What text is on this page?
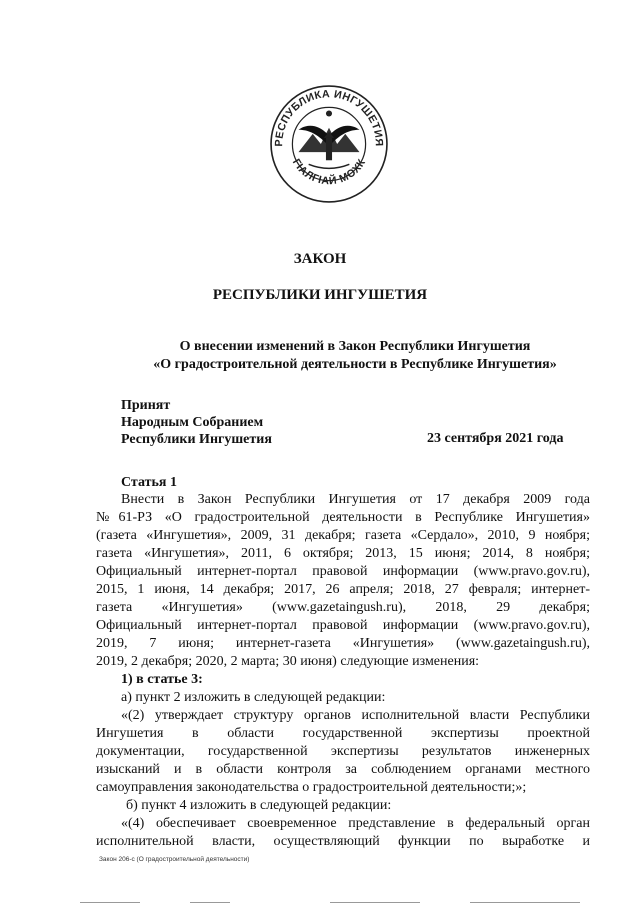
РЕСПУБЛИКА ИНГУШЕТИЯ
ГIАЛГIАЙ МОХК

ЗАКОН

РЕСПУБЛИКИ ИНГУШЕТИЯ

О внесении изменений в Закон Республики Ингушетия

«О градостроительной деятельности в Республике Ингушетия»

Принят

Народным Собранием

Республики Ингушетия	23 сентября 2021 года

Статья 1

Внести в Закон Республики Ингушетия от 17 декабря 2009 года

№61-РЗ «О градостроительной деятельности в Республике Ингушетия»

(газета «Ингушетия», 2009, 31 декабря; газета «Сердало», 2010, 9 ноября;

газета «Ингушетия», 2011, 6 октября; 2013, 15 июня; 2014, 8 ноября;

Официальный интернет-портал правовой информации (www.pravo.gov.ru),

2015, 1 июня, 14 декабря; 2017, 26 апреля; 2018, 27 февраля; интернет-

газета «Ингушетия» (www.gazetaingush.ru), 2018, 29 декабря;

Официальный интернет-портал правовой информации (www.pravo.gov.ru),

2019, 7 июня; интернет-газета «Ингушетия» (www.gazetaingush.ru),

2019, 2 декабря; 2020, 2 марта; 30 июня) следующие изменения:

1) в статье 3:

а) пункт 2 изложить в следующей редакции:

«(2) утверждает структуру органов исполнительной власти Республики

Ингушетия в области государственной экспертизы проектной

документации, государственной экспертизы результатов инженерных

изысканий и в области контроля за соблюдением органами местного

самоуправления законодательства о градостроительной деятельности;»;

б) пункт 4 изложить в следующей редакции:

«(4) обеспечивает своевременное представление в федеральный орган

исполнительной власти, осуществляющий функции по выработке и

Закон 206-с (О градостроительной деятельности)
